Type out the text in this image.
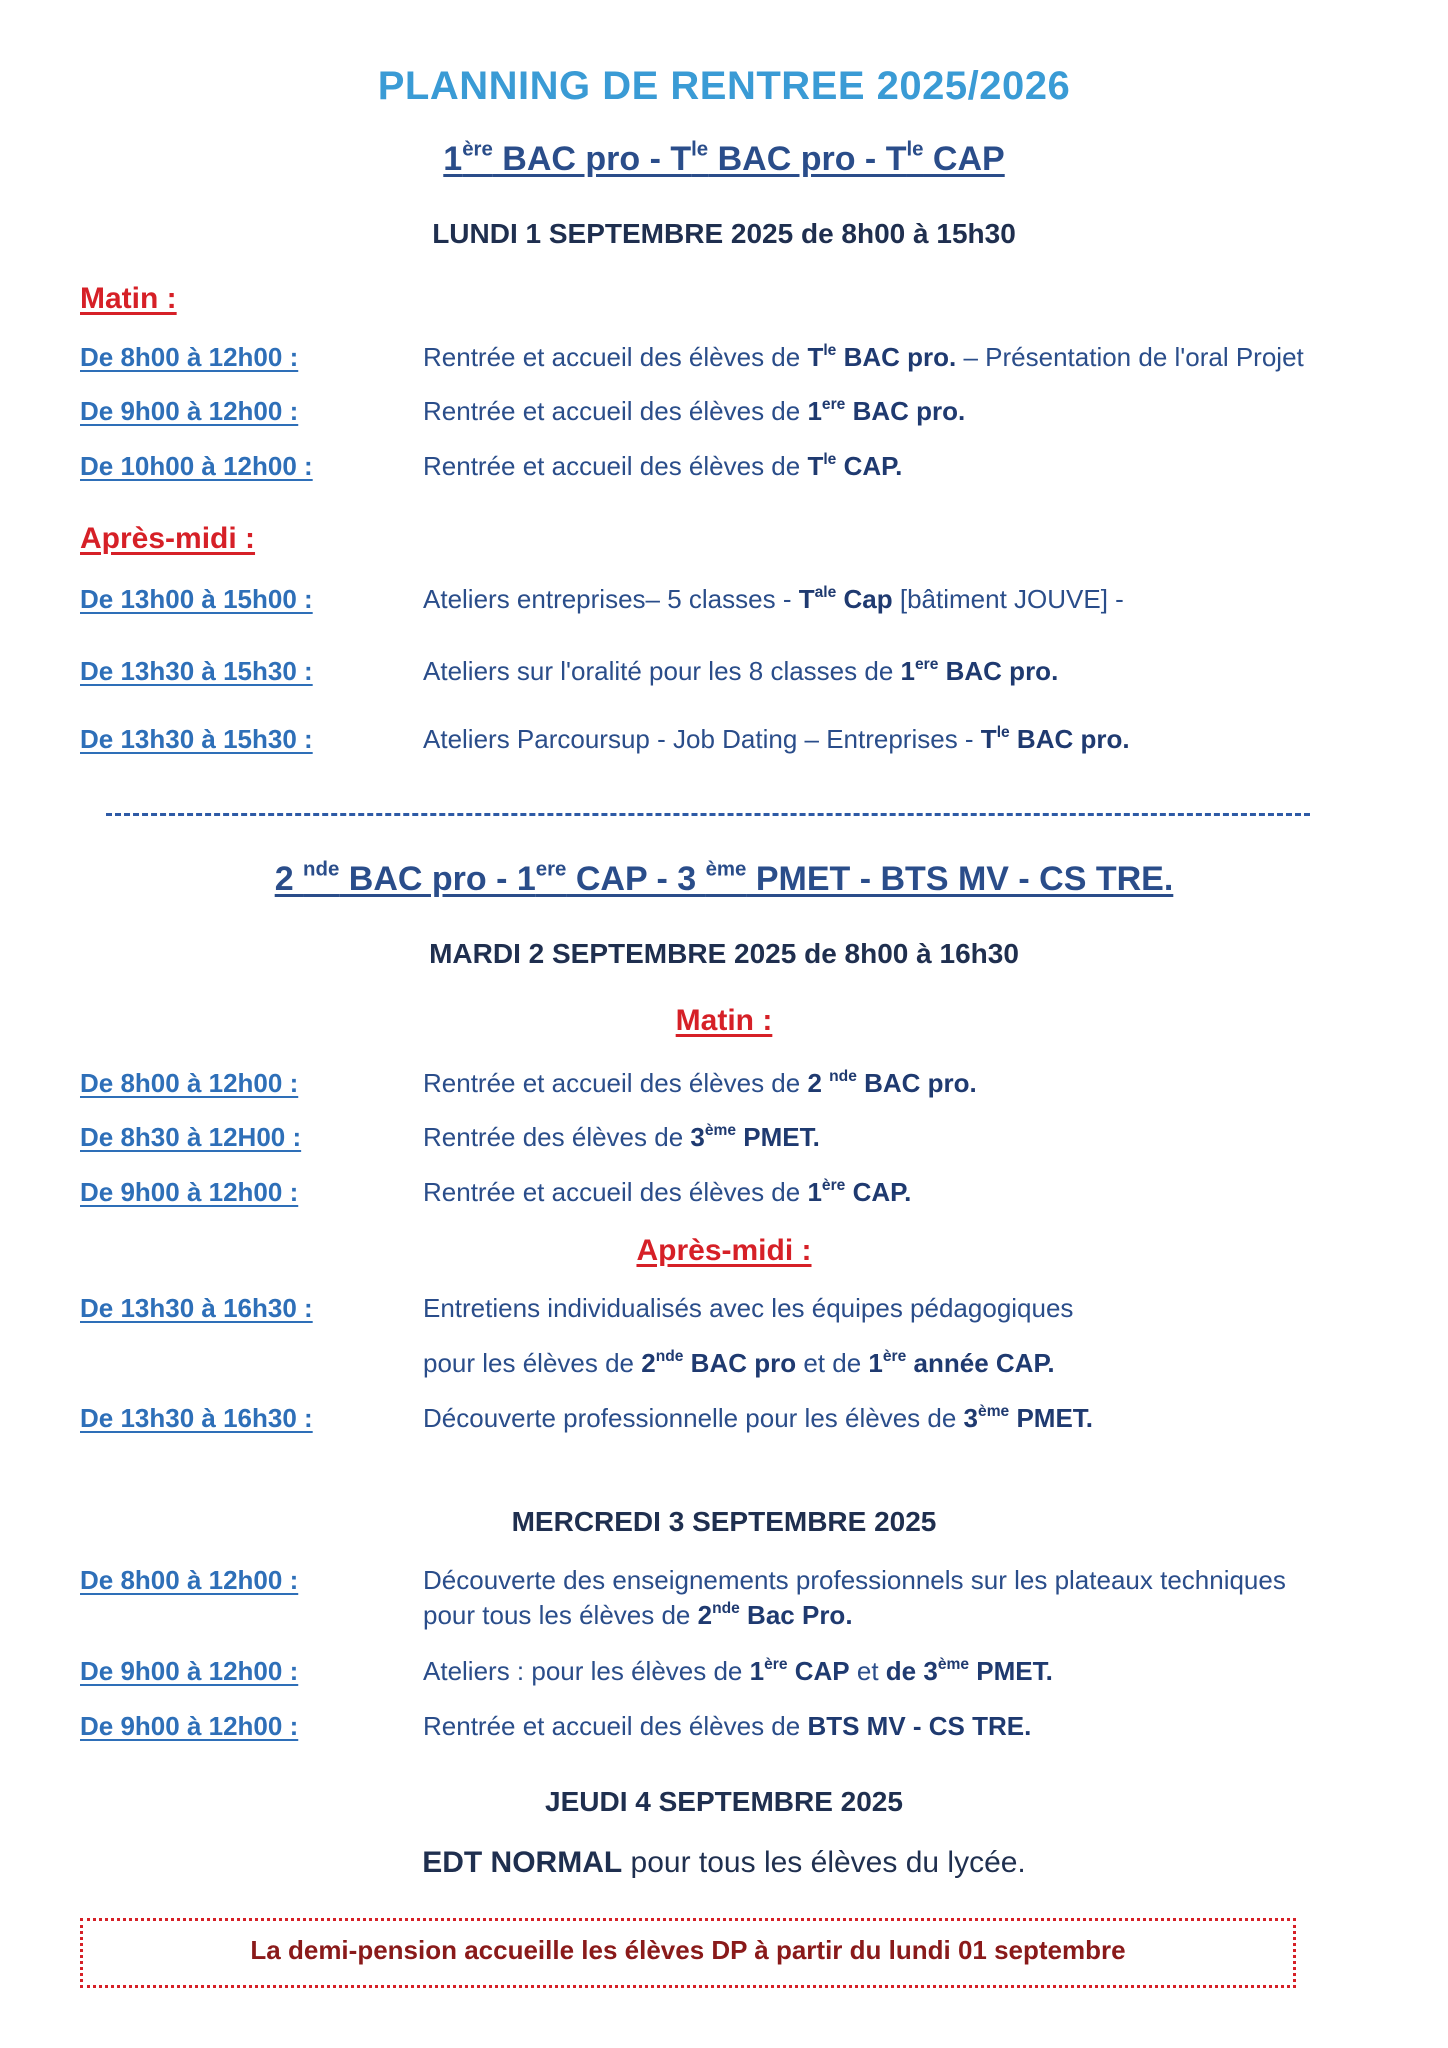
PLANNING DE RENTREE 2025/2026
1ère BAC pro - $T^{le}$ BAC pro - $T^{le}$ CAP
LUNDI 1 SEPTEMBRE 2025 de 8h00 à 15h30
Matin :
De 8h00 à 12h00 :	Rentrée et accueil des élèves de $T^{le}$ BAC pro. – Présentation de l'oral Projet
De 9h00 à 12h00 :	Rentrée et accueil des élèves de 1ere BAC pro.
De 10h00 à 12h00 :	Rentrée et accueil des élèves de $T^{le}$ CAP.
Après-midi :
De 13h00 à 15h00 :	Ateliers entreprises– 5 classes - $T^{ale}$ Cap [bâtiment JOUVE] -
De 13h30 à 15h30 :	Ateliers sur l'oralité pour les 8 classes de 1ere BAC pro.
De 13h30 à 15h30 :	Ateliers Parcoursup - Job Dating – Entreprises - $T^{le}$ BAC pro.
2 $^{nde}$ BAC pro - 1ere CAP - 3 $^{ème}$ PMET - BTS MV - CS TRE.
MARDI 2 SEPTEMBRE 2025 de 8h00 à 16h30
Matin :
De 8h00 à 12h00 :	Rentrée et accueil des élèves de 2 $^{nde}$ BAC pro.
De 8h30 à 12H00 :	Rentrée des élèves de 3ème PMET.
De 9h00 à 12h00 :	Rentrée et accueil des élèves de 1ère CAP.
Après-midi :
De 13h30 à 16h30 :	Entretiens individualisés avec les équipes pédagogiques
pour les élèves de 2nde BAC pro et de 1ère année CAP.
De 13h30 à 16h30 :	Découverte professionnelle pour les élèves de 3ème PMET.
MERCREDI 3 SEPTEMBRE 2025
De 8h00 à 12h00 :	Découverte des enseignements professionnels sur les plateaux techniques
pour tous les élèves de 2nde Bac Pro.
De 9h00 à 12h00 :	Ateliers : pour les élèves de 1ère CAP et de 3ème PMET.
De 9h00 à 12h00 :	Rentrée et accueil des élèves de BTS MV - CS TRE.
JEUDI 4 SEPTEMBRE 2025
EDT NORMAL pour tous les élèves du lycée.
La demi-pension accueille les élèves DP à partir du lundi 01 septembre
